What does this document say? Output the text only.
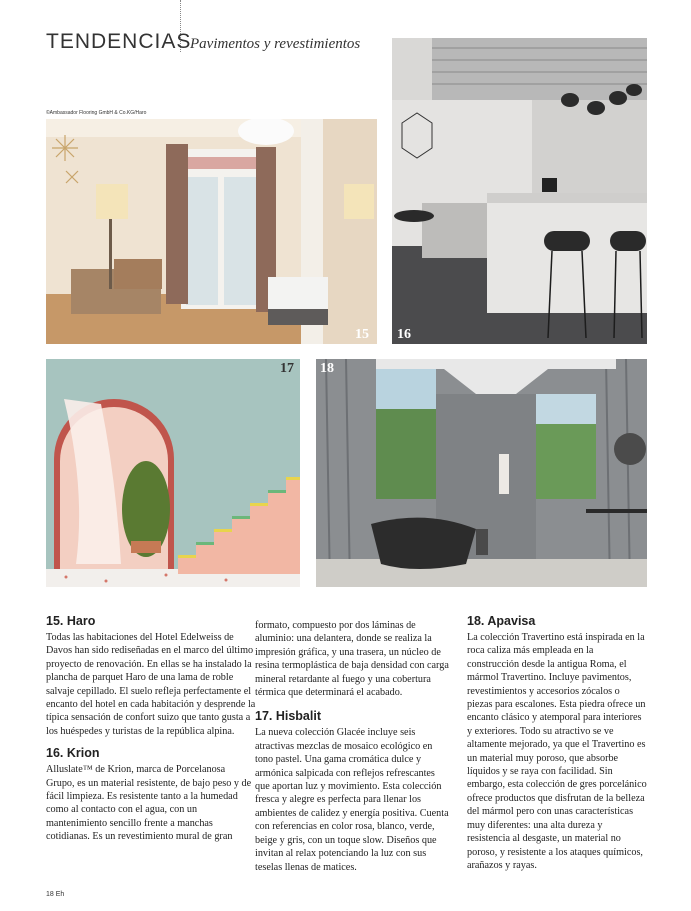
TENDENCIAS
Pavimentos y revestimientos
©Ambassador Flooring GmbH & Co.KG/Haro
15 16
17 18
15. Haro

Todas las habitaciones del Hotel Edelweiss de Davos han sido rediseñadas en el marco del último proyecto de renovación. En ellas se ha instalado la plancha de parquet Haro de una lama de roble salvaje cepillado. El suelo refleja perfectamente el encanto del hotel en cada habitación y desprende la típica sensación de confort suizo que tanto gusta a los huéspedes y turistas de la república alpina.

16. Krion

Alluslate™ de Krion, marca de Porcelanosa Grupo, es un material resistente, de bajo peso y de fácil limpieza. Es resistente tanto a la humedad como al contacto con el agua, con un mantenimiento sencillo frente a manchas cotidianas. Es un revestimiento mural de gran

formato, compuesto por dos láminas de aluminio: una delantera, donde se realiza la impresión gráfica, y una trasera, un núcleo de resina termoplástica de baja densidad con carga mineral retardante al fuego y una cobertura térmica que determinará el acabado.

17. Hisbalit

La nueva colección Glacée incluye seis atractivas mezclas de mosaico ecológico en tono pastel. Una gama cromática dulce y armónica salpicada con reflejos refrescantes que aportan luz y movimiento. Esta colección fresca y alegre es perfecta para llenar los ambientes de calidez y energía positiva. Cuenta con referencias en color rosa, blanco, verde, beige y gris, con un toque slow. Diseños que invitan al relax potenciando la luz con sus teselas llenas de matices.

18. Apavisa

La colección Travertino está inspirada en la roca caliza más empleada en la construcción desde la antigua Roma, el mármol Travertino. Incluye pavimentos, revestimientos y accesorios zócalos o piezas para escalones. Esta piedra ofrece un encanto clásico y atemporal para interiores y exteriores. Todo su atractivo se ve altamente mejorado, ya que el Travertino es un material muy poroso, que absorbe líquidos y se raya con facilidad. Sin embargo, esta colección de gres porcelánico ofrece productos que disfrutan de la belleza del mármol pero con unas características muy diferentes: una alta dureza y resistencia al desgaste, un material no poroso, y resistente a los ataques químicos, arañazos y rayas.

18 Eh
